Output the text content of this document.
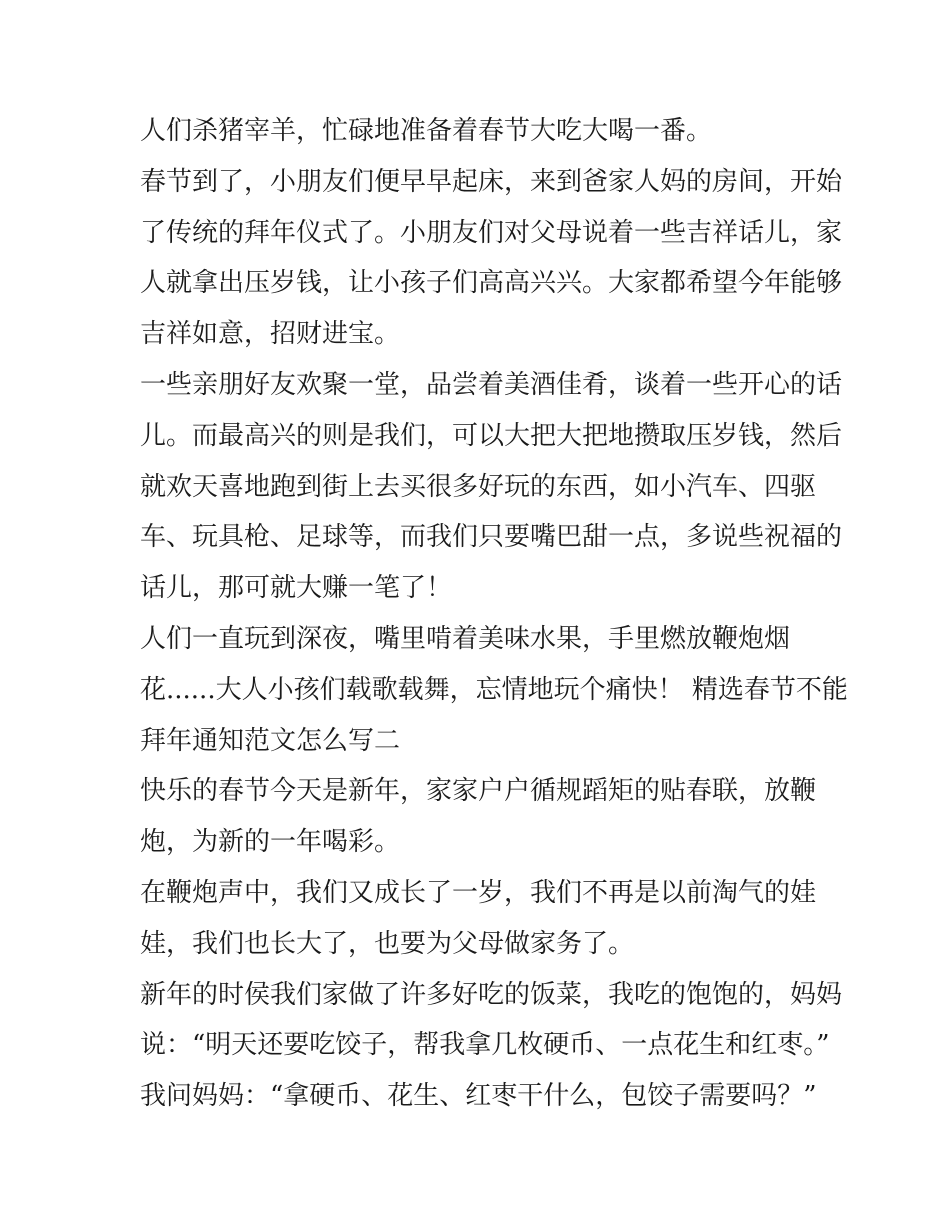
人们杀猪宰羊，忙碌地准备着春节大吃大喝一番。
春节到了，小朋友们便早早起床，来到爸家人妈的房间，开始
了传统的拜年仪式了。小朋友们对父母说着一些吉祥话儿，家
人就拿出压岁钱，让小孩子们高高兴兴。大家都希望今年能够
吉祥如意，招财进宝。
一些亲朋好友欢聚一堂，品尝着美酒佳肴，谈着一些开心的话
儿。而最高兴的则是我们，可以大把大把地攒取压岁钱，然后
就欢天喜地跑到街上去买很多好玩的东西，如小汽车、四驱
车、玩具枪、足球等，而我们只要嘴巴甜一点，多说些祝福的
话儿，那可就大赚一笔了！
人们一直玩到深夜，嘴里啃着美味水果，手里燃放鞭炮烟
花......大人小孩们载歌载舞，忘情地玩个痛快！ 精选春节不能
拜年通知范文怎么写二
快乐的春节今天是新年，家家户户循规蹈矩的贴春联，放鞭
炮，为新的一年喝彩。
在鞭炮声中，我们又成长了一岁，我们不再是以前淘气的娃
娃，我们也长大了，也要为父母做家务了。
新年的时侯我们家做了许多好吃的饭菜，我吃的饱饱的，妈妈
说：“明天还要吃饺子，帮我拿几枚硬币、一点花生和红枣。”
我问妈妈：“拿硬币、花生、红枣干什么，包饺子需要吗？”
